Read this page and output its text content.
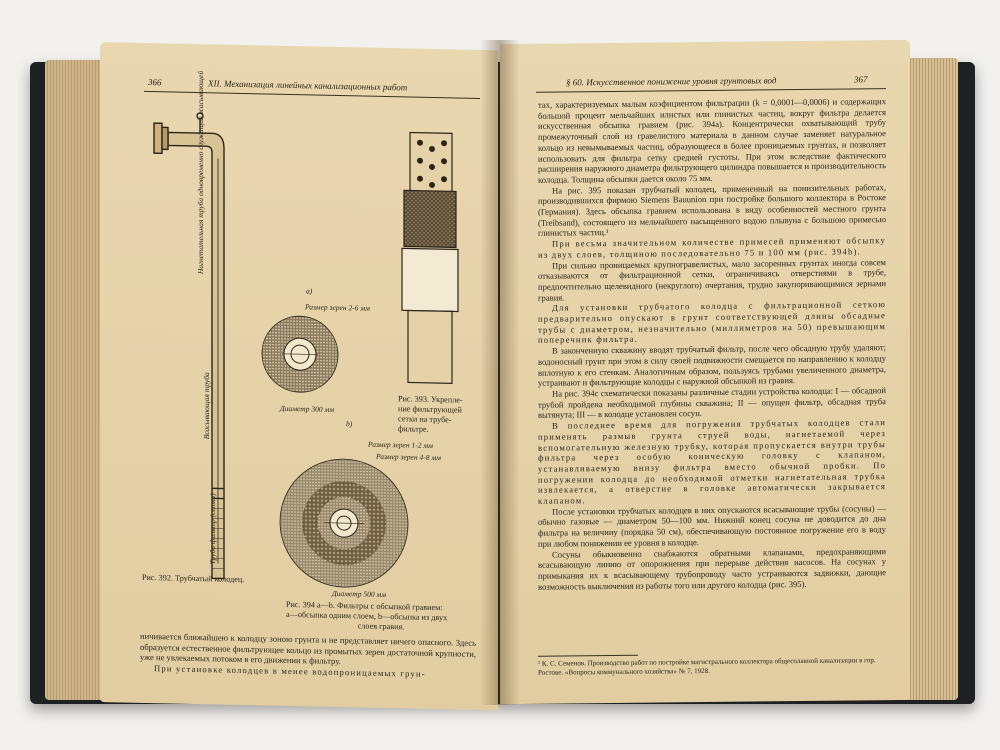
366	XII. Механизация линейных канализационных работ
Нагнетательная труба одновременно служащая всасывающей
Всасывающая труба
Труба фильтр (сетка)
Рис. 392. Трубчатый колодец.
Рис. 393. Укрепле-
ние фильтрующей
сетки на трубе-
фильтре.
a)
Размер зерен 2-6 мм
Диаметр 300 мм
b)
Размер зерен 1-2 мм
Размер зерен 4-8 мм
Диаметр 500 мм
Рис. 394 a—b. Фильтры с обсыпкой гравием:
a—обсыпка одним слоем, b—обсыпка из двух
слоев гравия.

ничивается ближайшею к колодцу зоною грунта и не представляет ничего опасного. Здесь образуется естественное фильтрующее кольцо из промытых зерен достаточной крупности, уже не увлекаемых потоком в его движении к фильтру.

При установке колодцев в менее водопроницаемых грун-

§ 60. Искусственное понижение уровня грунтовых вод	367

тах, характеризуемых малым коэфициентом фильтрации (k = 0,0001—0,0006) и содержащих большой процент мельчайших илистых или глинистых частиц, вокруг фильтра делается искусственная обсыпка гравием (рис. 394a). Концентрически охватывающий трубу промежуточный слой из гравелистого материала в данном случае заменяет натуральное кольцо из невымываемых частиц, образующееся в более проницаемых грунтах, и позволяет использовать для фильтра сетку средней густоты. При этом вследствие фактического расширения наружного диаметра фильтрующего цилиндра повышается и производительность колодца. Толщина обсыпки дается около 75 мм.

На рис. 395 показан трубчатый колодец, примененный на понизительных работах, производившихся фирмою Siemens Bauunion при постройке большого коллектора в Ростоке (Германия). Здесь обсыпка гравием использована в виду особенностей местного грунта (Treibsand), состоящего из мельчайшего насыщенного водою плывуна с большою примесью глинистых частиц.¹

При весьма значительном количестве примесей применяют обсыпку из двух слоев, толщиною последовательно 75 и 100 мм (рис. 394b).

При сильно проницаемых крупногравелистых, мало засоренных грунтах иногда совсем отказываются от фильтрационной сетки, ограничиваясь отверстиями в трубе, предпочтительно щелевидного (некруглого) очертания, трудно закупоривающимися зернами гравия.

Для установки трубчатого колодца с фильтрационной сеткою предварительно опускают в грунт соответствующей длины обсадные трубы с диаметром, незначительно (миллиметров на 50) превышающим поперечник фильтра.

В законченную скважину вводят трубчатый фильтр, после чего обсадную трубу удаляют; водоносный грунт при этом в силу своей подвижности смещается по направлению к колодцу вплотную к его стенкам. Аналогичным образом, пользуясь трубами увеличенного диаметра, устраивают и фильтрующие колодцы с наружной обсыпкой из гравия.

На рис. 394c схематически показаны различные стадии устройства колодца: I — обсадной трубой пройдена необходимой глубины скважина; II — опущен фильтр, обсадная труба вытянута; III — в колодце установлен сосун.

В последнее время для погружения трубчатых колодцев стали применять размыв грунта струей воды, нагнетаемой через вспомогательную железную трубку, которая пропускается внутри трубы фильтра через особую коническую головку с клапаном, устанавливаемую внизу фильтра вместо обычной пробки. По погружении колодца до необходимой отметки нагнетательная трубка извлекается, а отверстие в головке автоматически закрывается клапаном.

После установки трубчатых колодцев в них опускаются всасывающие трубы (сосуны) — обычно газовые — диаметром 50—100 мм. Нижний конец сосуна не доводится до дна фильтра на величину (порядка 50 см), обеспечивающую постоянное погружение его в воду при любом понижении ее уровня в колодце.

Сосуны обыкновенно снабжаются обратными клапанами, предохраняющими всасывающую линию от опорожнения при перерыве действия насосов. На сосунах у примыкания их к всасывающему трубопроводу часто устраиваются задвижки, дающие возможность выключения из работы того или другого колодца (рис. 395).

¹ К. С. Семенов. Производство работ по постройке магистрального коллектора общесплавной канализации в гор. Ростове. «Вопросы коммунального хозяйства» № 7, 1928.
